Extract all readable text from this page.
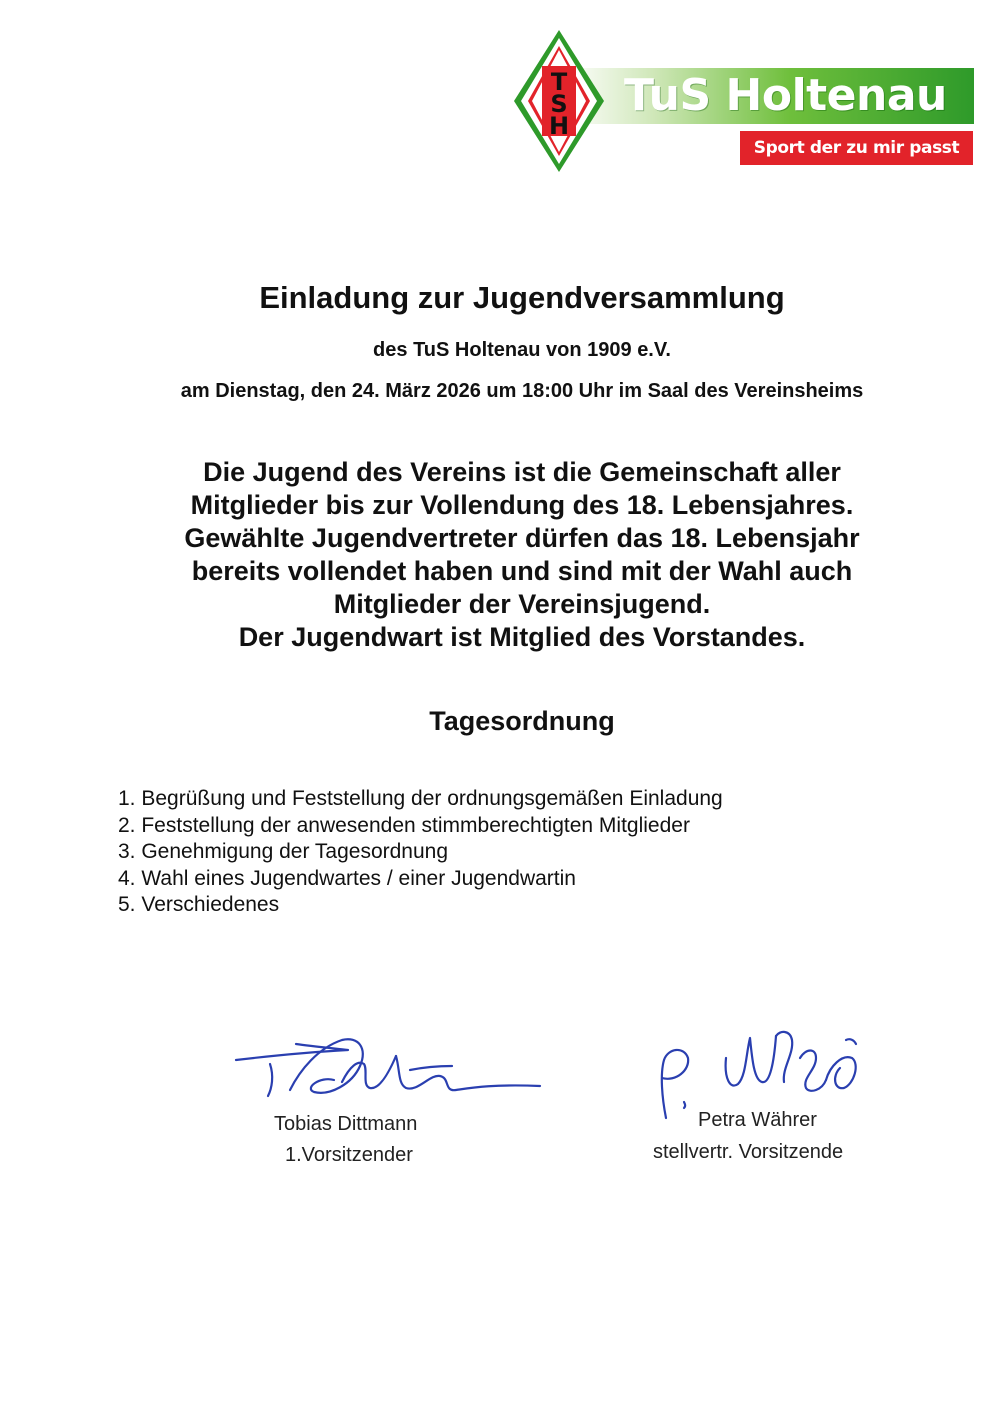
T
S
H
TuS Holtenau
Sport der zu mir passt
Einladung zur Jugendversammlung
des TuS Holtenau von 1909 e.V.
am Dienstag, den 24. März 2026 um 18:00 Uhr im Saal des Vereinsheims
Die Jugend des Vereins ist die Gemeinschaft aller
Mitglieder bis zur Vollendung des 18. Lebensjahres.
Gewählte Jugendvertreter dürfen das 18. Lebensjahr
bereits vollendet haben und sind mit der Wahl auch
Mitglieder der Vereinsjugend.
Der Jugendwart ist Mitglied des Vorstandes.
Tagesordnung
1. Begrüßung und Feststellung der ordnungsgemäßen Einladung
2. Feststellung der anwesenden stimmberechtigten Mitglieder
3. Genehmigung der Tagesordnung
4. Wahl eines Jugendwartes / einer Jugendwartin
5. Verschiedenes
Tobias Dittmann
1.Vorsitzender
Petra Währer
stellvertr. Vorsitzende
